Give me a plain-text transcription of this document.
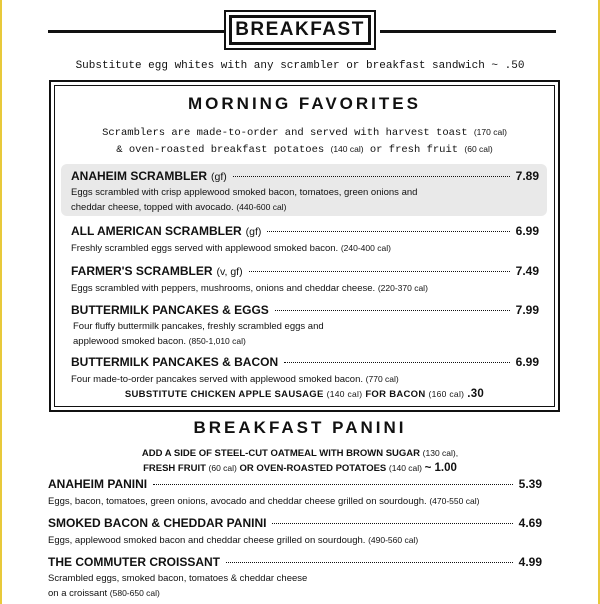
BREAKFAST
Substitute egg whites with any scrambler or breakfast sandwich ~ .50
MORNING FAVORITES
Scramblers are made-to-order and served with harvest toast (170 cal)
& oven-roasted breakfast potatoes (140 cal) or fresh fruit (60 cal)
ANAHEIM SCRAMBLER (gf)	7.89
Eggs scrambled with crisp applewood smoked bacon, tomatoes, green onions and
cheddar cheese, topped with avocado. (440-600 cal)
ALL AMERICAN SCRAMBLER (gf)	6.99
Freshly scrambled eggs served with applewood smoked bacon. (240-400 cal)
FARMER'S SCRAMBLER (v, gf)	7.49
Eggs scrambled with peppers, mushrooms, onions and cheddar cheese. (220-370 cal)
BUTTERMILK PANCAKES & EGGS	7.99
Four fluffy buttermilk pancakes, freshly scrambled eggs and
applewood smoked bacon. (850-1,010 cal)
BUTTERMILK PANCAKES & BACON	6.99
Four made-to-order pancakes served with applewood smoked bacon. (770 cal)
SUBSTITUTE CHICKEN APPLE SAUSAGE (140 cal) FOR BACON (160 cal) .30
BREAKFAST PANINI
ADD A SIDE OF STEEL-CUT OATMEAL WITH BROWN SUGAR (130 cal),
FRESH FRUIT (60 cal) OR OVEN-ROASTED POTATOES (140 cal) ~ 1.00
ANAHEIM PANINI	5.39
Eggs, bacon, tomatoes, green onions, avocado and cheddar cheese grilled on sourdough. (470-550 cal)
SMOKED BACON & CHEDDAR PANINI	4.69
Eggs, applewood smoked bacon and cheddar cheese grilled on sourdough. (490-560 cal)
THE COMMUTER CROISSANT	4.99
Scrambled eggs, smoked bacon, tomatoes & cheddar cheese
on a croissant (580-650 cal)
